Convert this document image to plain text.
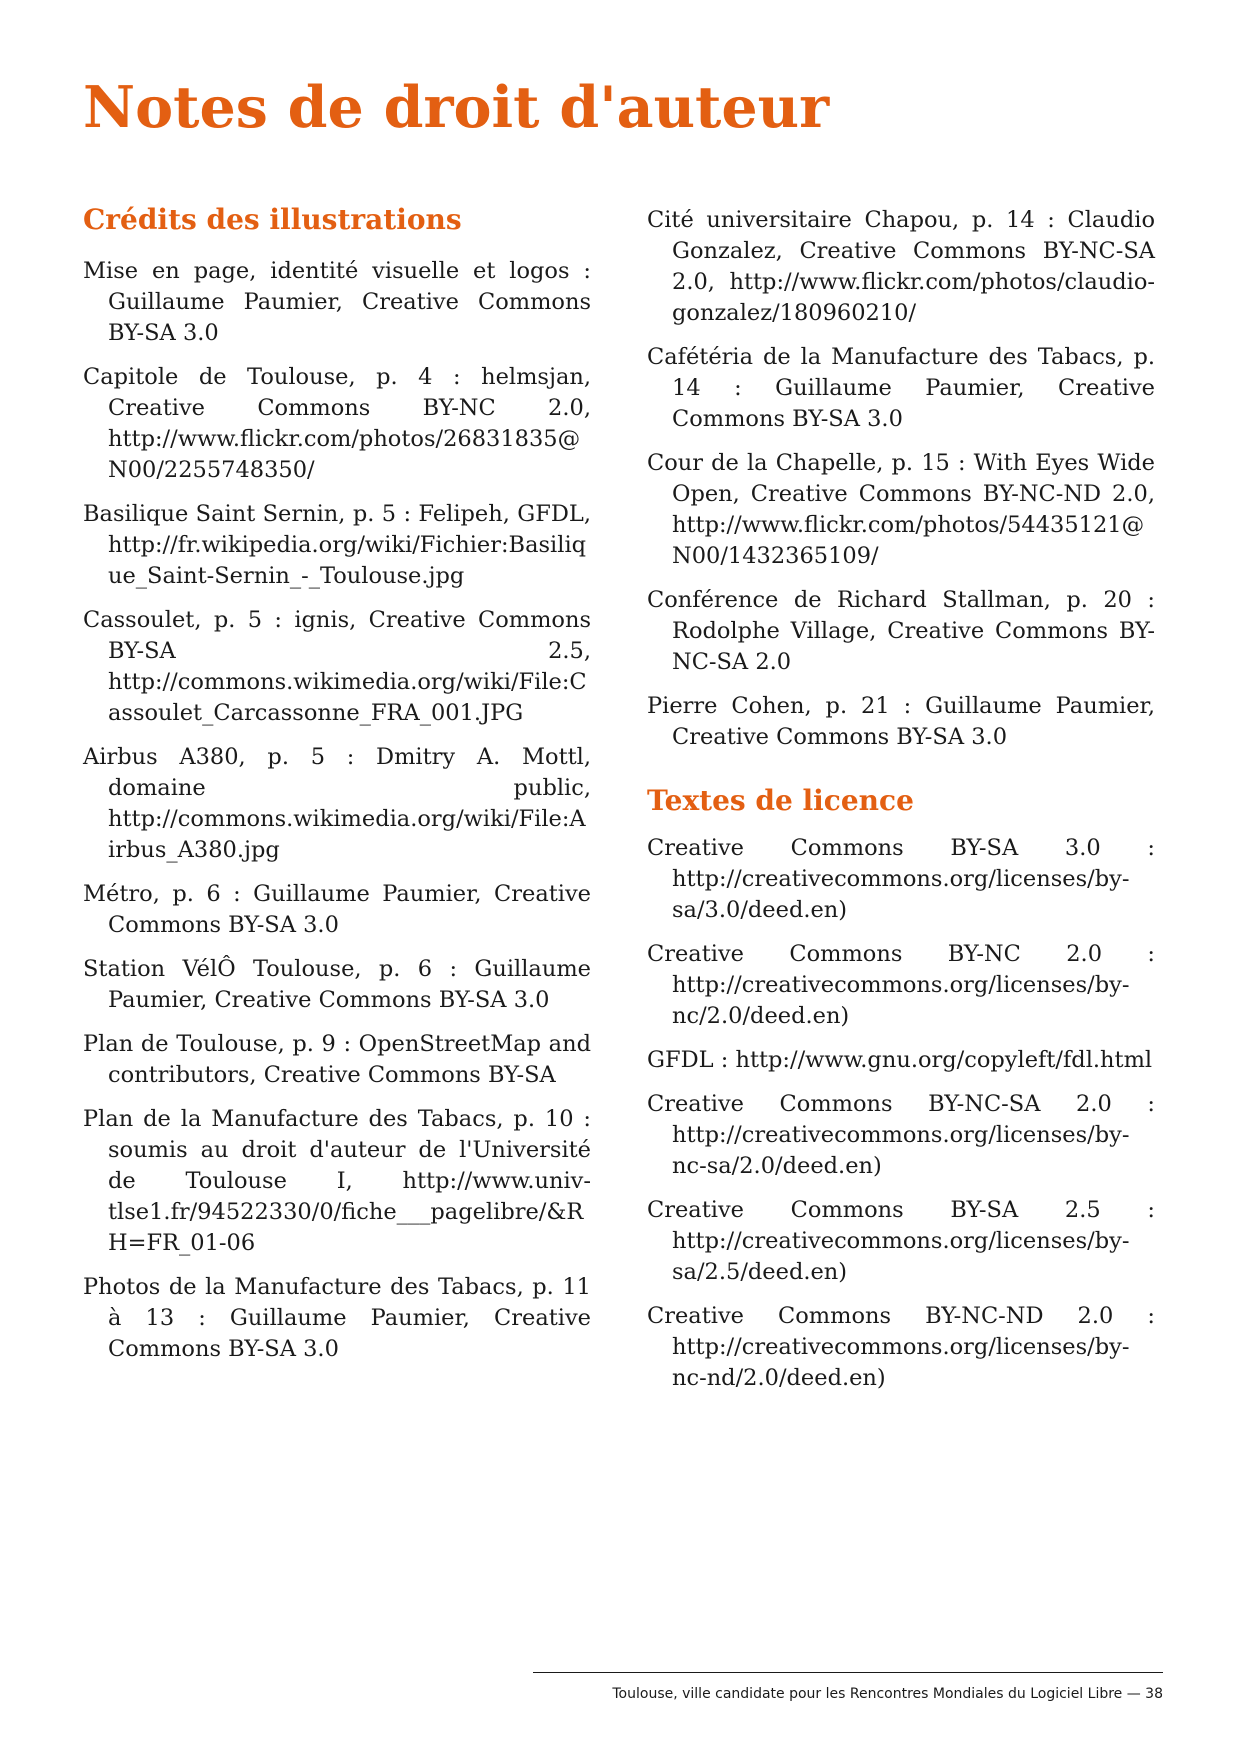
Notes de droit d'auteur
Crédits des illustrations

Mise en page, identité visuelle et logos : Guillaume Paumier, Creative Commons BY-SA 3.0

Capitole de Toulouse, p. 4 : helmsjan, Creative Commons BY-NC 2.0, http://www.flickr.com/photos/26831835@N00/2255748350/

Basilique Saint Sernin, p. 5 : Felipeh, GFDL, http://fr.wikipedia.org/wiki/Fichier:Basilique_Saint-Sernin_-_Toulouse.jpg

Cassoulet, p. 5 : ignis, Creative Commons BY-SA 2.5, http://commons.wikimedia.org/wiki/File:Cassoulet_Carcassonne_FRA_001.JPG

Airbus A380, p. 5 : Dmitry A. Mottl, domaine public, http://commons.wikimedia.org/wiki/File:Airbus_A380.jpg

Métro, p. 6 : Guillaume Paumier, Creative Commons BY-SA 3.0

Station VélÔ Toulouse, p. 6 : Guillaume Paumier, Creative Commons BY-SA 3.0

Plan de Toulouse, p. 9 : OpenStreetMap and contributors, Creative Commons BY-SA

Plan de la Manufacture des Tabacs, p. 10 : soumis au droit d'auteur de l'Université de Toulouse I, http://www.univ-tlse1.fr/94522330/0/fiche___pagelibre/&RH=FR_01-06

Photos de la Manufacture des Tabacs, p. 11 à 13 : Guillaume Paumier, Creative Commons BY-SA 3.0

Cité universitaire Chapou, p. 14 : Claudio Gonzalez, Creative Commons BY-NC-SA 2.0, http://www.flickr.com/photos/claudio-gonzalez/180960210/

Cafétéria de la Manufacture des Tabacs, p. 14 : Guillaume Paumier, Creative Commons BY-SA 3.0

Cour de la Chapelle, p. 15 : With Eyes Wide Open, Creative Commons BY-NC-ND 2.0, http://www.flickr.com/photos/54435121@N00/1432365109/

Conférence de Richard Stallman, p. 20 : Rodolphe Village, Creative Commons BY-NC-SA 2.0

Pierre Cohen, p. 21 : Guillaume Paumier, Creative Commons BY-SA 3.0

Textes de licence

Creative Commons BY-SA 3.0 : http://creativecommons.org/licenses/by-sa/3.0/deed.en)

Creative Commons BY-NC 2.0 : http://creativecommons.org/licenses/by-nc/2.0/deed.en)

GFDL : http://www.gnu.org/copyleft/fdl.html

Creative Commons BY-NC-SA 2.0 : http://creativecommons.org/licenses/by-nc-sa/2.0/deed.en)

Creative Commons BY-SA 2.5 : http://creativecommons.org/licenses/by-sa/2.5/deed.en)

Creative Commons BY-NC-ND 2.0 : http://creativecommons.org/licenses/by-nc-nd/2.0/deed.en)

Toulouse, ville candidate pour les Rencontres Mondiales du Logiciel Libre — 38
